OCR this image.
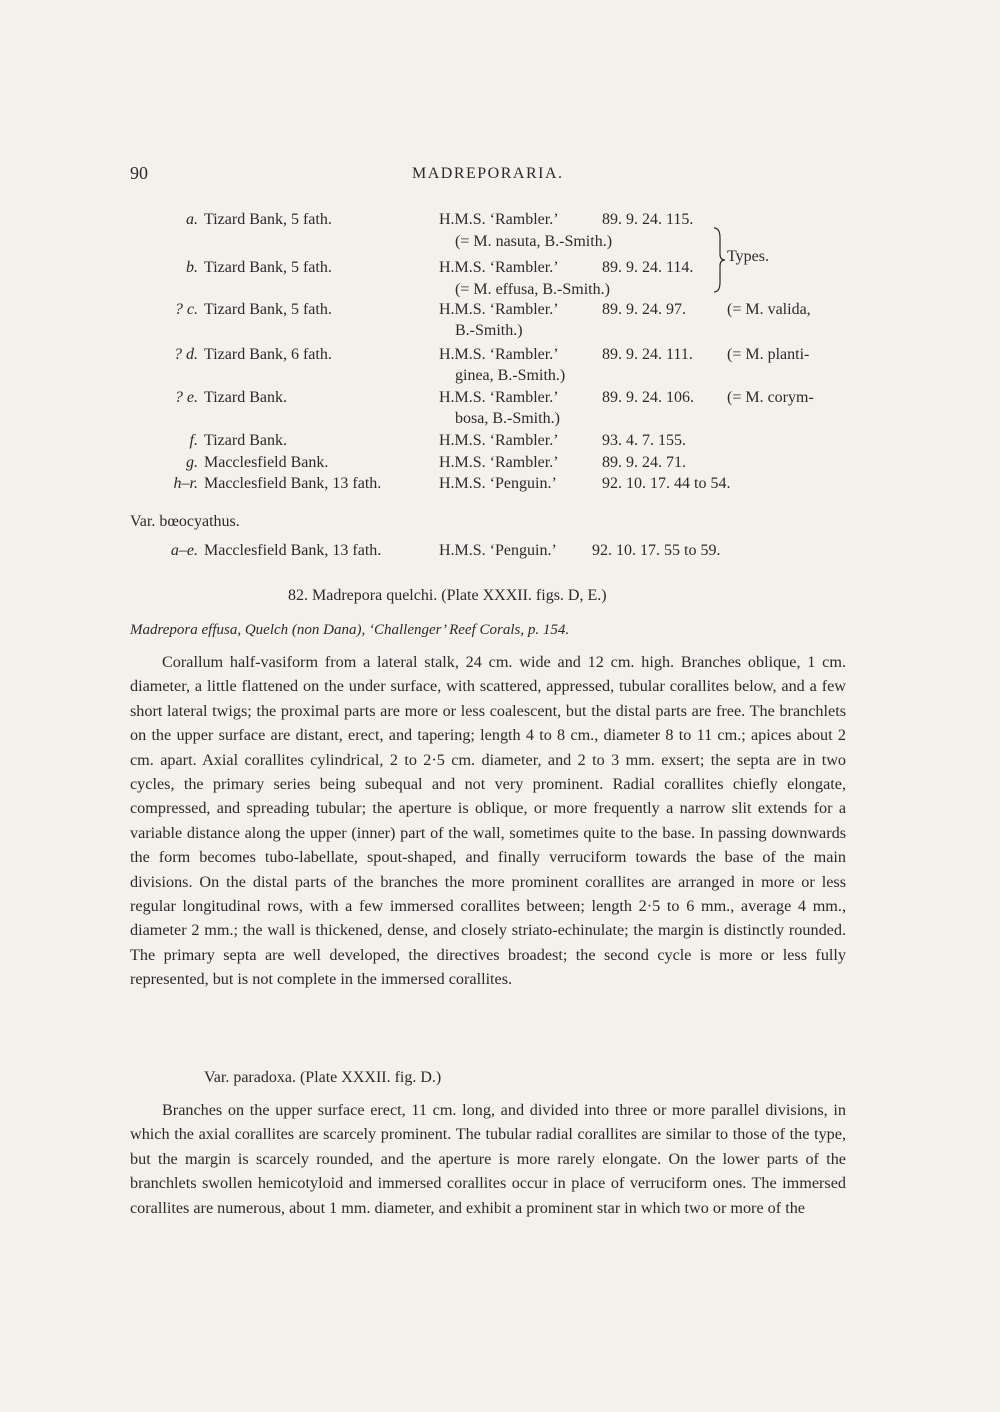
90	MADREPORARIA.
a. Tizard Bank, 5 fath.	H.M.S. ‘Rambler.’	89. 9. 24. 115.
(= M. nasuta, B.-Smith.)
b. Tizard Bank, 5 fath.	H.M.S. ‘Rambler.’	89. 9. 24. 114.
(= M. effusa, B.-Smith.)
Types.
? c. Tizard Bank, 5 fath.	H.M.S. ‘Rambler.’	89. 9. 24. 97.	(= M. valida,
B.-Smith.)
? d. Tizard Bank, 6 fath.	H.M.S. ‘Rambler.’	89. 9. 24. 111. (= M. planti-
ginea, B.-Smith.)
? e. Tizard Bank.	H.M.S. ‘Rambler.’	89. 9. 24. 106. (= M. corym-
bosa, B.-Smith.)
f. Tizard Bank.	H.M.S. ‘Rambler.’	93. 4. 7. 155.
g. Macclesfield Bank.	H.M.S. ‘Rambler.’	89. 9. 24. 71.
h–r. Macclesfield Bank, 13 fath.	H.M.S. ‘Penguin.’	92. 10. 17. 44 to 54.
Var. bœocyathus.
a–e. Macclesfield Bank, 13 fath.	H.M.S. ‘Penguin.’ 92. 10. 17. 55 to 59.
82. Madrepora quelchi. (Plate XXXII. figs. D, E.)
Madrepora effusa, Quelch (non Dana), ‘Challenger’ Reef Corals, p. 154.
Corallum half-vasiform from a lateral stalk, 24 cm. wide and 12 cm. high. Branches oblique, 1 cm. diameter, a little flattened on the under surface, with scattered, appressed, tubular corallites below, and a few short lateral twigs; the proximal parts are more or less coalescent, but the distal parts are free. The branchlets on the upper surface are distant, erect, and tapering; length 4 to 8 cm., diameter 8 to 11 cm.; apices about 2 cm. apart. Axial corallites cylindrical, 2 to 2·5 cm. diameter, and 2 to 3 mm. exsert; the septa are in two cycles, the primary series being subequal and not very prominent. Radial corallites chiefly elongate, compressed, and spreading tubular; the aperture is oblique, or more frequently a narrow slit extends for a variable distance along the upper (inner) part of the wall, sometimes quite to the base. In passing downwards the form becomes tubo-labellate, spout-shaped, and finally verruciform towards the base of the main divisions. On the distal parts of the branches the more prominent corallites are arranged in more or less regular longitudinal rows, with a few immersed corallites between; length 2·5 to 6 mm., average 4 mm., diameter 2 mm.; the wall is thickened, dense, and closely striato-echinulate; the margin is distinctly rounded. The primary septa are well developed, the directives broadest; the second cycle is more or less fully represented, but is not complete in the immersed corallites.
Var. paradoxa. (Plate XXXII. fig. D.)
Branches on the upper surface erect, 11 cm. long, and divided into three or more parallel divisions, in which the axial corallites are scarcely prominent. The tubular radial corallites are similar to those of the type, but the margin is scarcely rounded, and the aperture is more rarely elongate. On the lower parts of the branchlets swollen hemicotyloid and immersed corallites occur in place of verruciform ones. The immersed corallites are numerous, about 1 mm. diameter, and exhibit a prominent star in which two or more of the
